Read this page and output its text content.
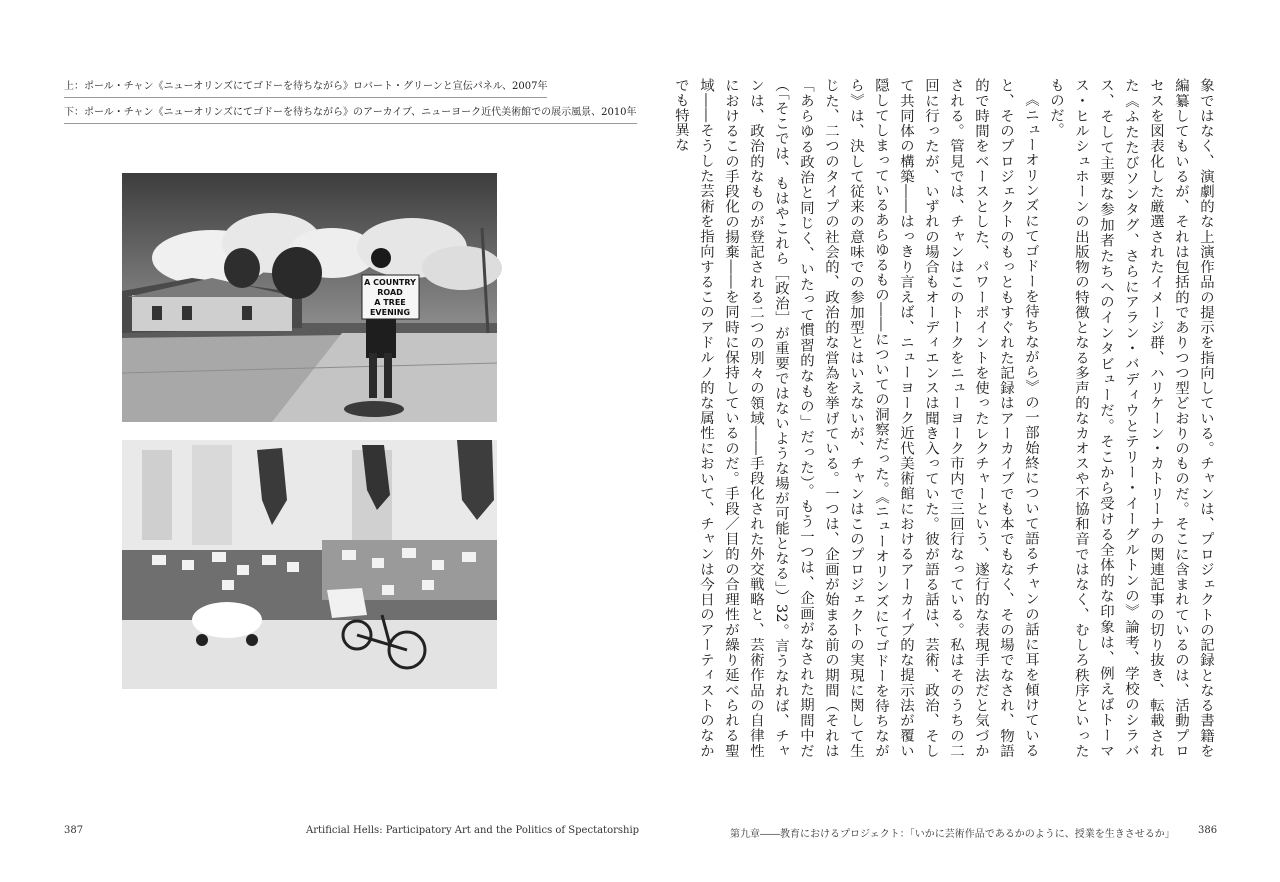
上：ポール・チャン《ニューオリンズにてゴドーを待ちながら》ロバート・グリーンと宣伝パネル、2007年
下：ポール・チャン《ニューオリンズにてゴドーを待ちながら》のアーカイブ、ニューヨーク近代美術館での展示風景、2010年
A COUNTRY
ROAD
A TREE
EVENING
387	Artificial Hells: Participatory Art and the Politics of Spectatorship

象ではなく、演劇的な上演作品の提示を指向している。チャンは、プロジェクトの記録となる書籍を編纂してもいるが、それは包括的でありつつ型どおりのものだ。そこに含まれているのは、活動プロセスを図表化した厳選されたイメージ群、ハリケーン・カトリーナの関連記事の切り抜き、転載された《ふたたびソンタグ、さらにアラン・バディウとテリー・イーグルトンの》論考、学校のシラバス、そして主要な参加者たちへのインタビューだ。そこから受ける全体的な印象は、例えばトーマス・ヒルシュホーンの出版物の特徴となる多声的なカオスや不協和音ではなく、むしろ秩序といったものだ。

《ニューオリンズにてゴドーを待ちながら》の一部始終について語るチャンの話に耳を傾けていると、そのプロジェクトのもっともすぐれた記録はアーカイブでも本でもなく、その場でなされ、物語的で時間をベースとした、パワーポイントを使ったレクチャーという、遂行的な表現手法だと気づかされる。管見では、チャンはこのトークをニューヨーク市内で三回行なっている。私はそのうちの二回に行ったが、いずれの場合もオーディエンスは聞き入っていた。彼が語る話は、芸術、政治、そして共同体の構築――はっきり言えば、ニューヨーク近代美術館におけるアーカイブ的な提示法が覆い隠してしまっているあらゆるもの――についての洞察だった。《ニューオリンズにてゴドーを待ちながら》は、決して従来の意味での参加型とはいえないが、チャンはこのプロジェクトの実現に関して生じた、二つのタイプの社会的、政治的な営為を挙げている。一つは、企画が始まる前の期間（それは「あらゆる政治と同じく、いたって慣習的なもの」だった）。もう一つは、企画がなされた期間中だ（「そこでは、もはやこれら［政治］が重要ではないような場が可能となる」）32。言うなれば、チャンは、政治的なものが登記される二つの別々の領域――手段化された外交戦略と、芸術作品の自律性におけるこの手段化の揚棄――を同時に保持しているのだ。手段／目的の合理性が繰り延べられる聖域――そうした芸術を指向するこのアドルノ的な属性において、チャンは今日のアーティストのなかでも特異な

第九章――教育におけるプロジェクト：「いかに芸術作品であるかのように、授業を生きさせるか」 386
